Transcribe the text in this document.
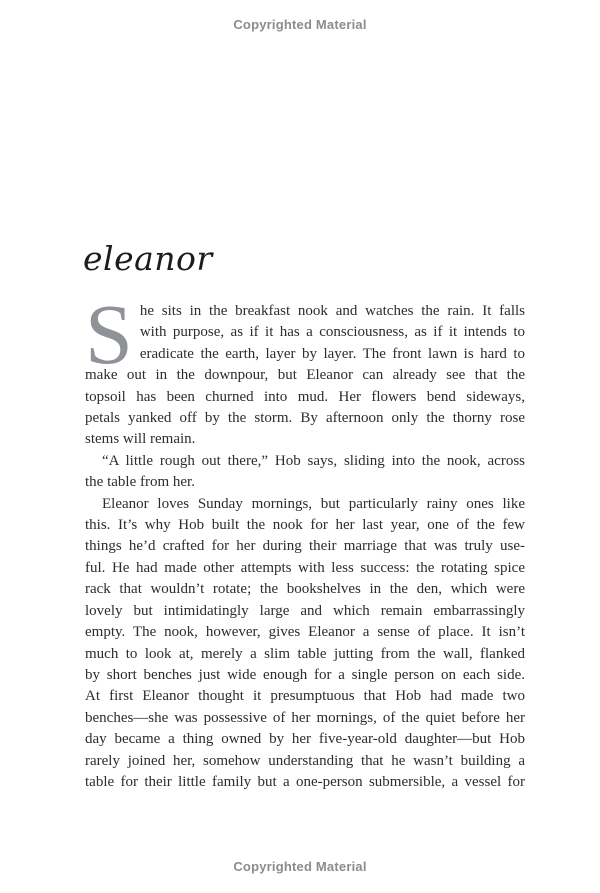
Copyrighted Material
eleanor
S he sits in the breakfast nook and watches the rain. It falls
with purpose, as if it has a consciousness, as if it intends to
eradicate the earth, layer by layer. The front lawn is hard to
make out in the downpour, but Eleanor can already see that the
topsoil has been churned into mud. Her flowers bend sideways,
petals yanked off by the storm. By afternoon only the thorny rose
stems will remain.
“A little rough out there,” Hob says, sliding into the nook, across
the table from her.
Eleanor loves Sunday mornings, but particularly rainy ones like
this. It’s why Hob built the nook for her last year, one of the few
things he’d crafted for her during their marriage that was truly use-
ful. He had made other attempts with less success: the rotating spice
rack that wouldn’t rotate; the bookshelves in the den, which were
lovely but intimidatingly large and which remain embarrassingly
empty. The nook, however, gives Eleanor a sense of place. It isn’t
much to look at, merely a slim table jutting from the wall, flanked
by short benches just wide enough for a single person on each side.
At first Eleanor thought it presumptuous that Hob had made two
benches—she was possessive of her mornings, of the quiet before her
day became a thing owned by her five-year-old daughter—but Hob
rarely joined her, somehow understanding that he wasn’t building a
table for their little family but a one-person submersible, a vessel for
Copyrighted Material
